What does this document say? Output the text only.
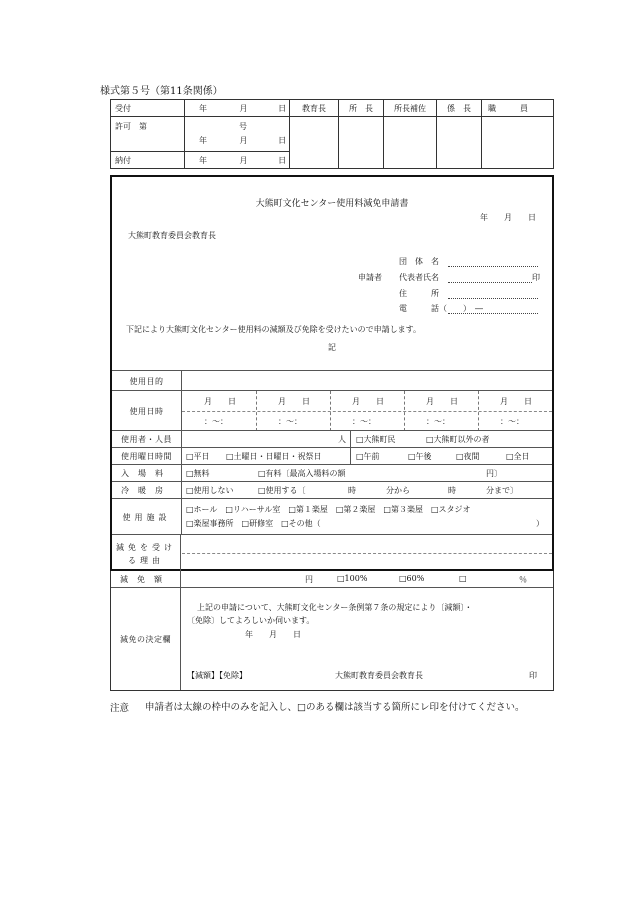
様式第５号（第11条関係）
受付	年 月 日	教育長	所　長	所長補佐	係　長	職　　　員
許可　第	号
年 月 日					

納付	年 月 日					
大熊町文化センター使用料減免申請書
年　　月　　日
大熊町教育委員会教育長
団　体　名
申請者 代表者氏名	印
住　　　所
電　　　話（　　）　―
下記により大熊町文化センター使用料の減額及び免除を受けたいので申請します。
記
使用目的
使用日時
月　　日	月　　日	月　　日	月　　日	月　　日
：〜：	：〜：	：〜：	：〜：	：〜：
使用者・人員	人 □大熊町民	□大熊町以外の者
使用曜日時間	□平日 □土曜日・日曜日・祝祭日	□午前	□午後	□夜間	□全日
入場料	□無料	□有料〔最高入場料の額	円〕
冷暖房	□使用しない	□使用する〔	時	分から	時	分まで〕
使用施設
□ホール　□リハーサル室　□第１楽屋　□第２楽屋　□第３楽屋　□スタジオ
□楽屋事務所　□研修室　□その他（	）
減免を受ける理由
減免額	円	□100%	□60%	□	％
減免の決定欄
上記の申請について、大熊町文化センター条例第７条の規定により〔減額〕・
〔免除〕してよろしいか伺います。
年　　月　　日
【減額】【免除】	大熊町教育委員会教育長	印
注意 申請者は太線の枠中のみを記入し、□のある欄は該当する箇所にレ印を付けてください。
